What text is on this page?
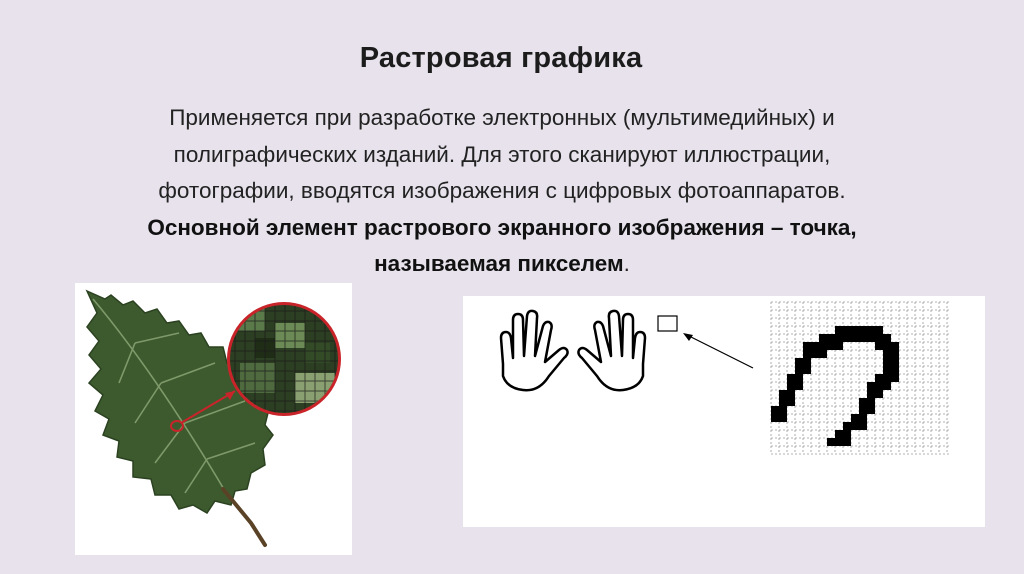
Растровая графика
Применяется при разработке электронных (мультимедийных) и
полиграфических изданий. Для этого сканируют иллюстрации,
фотографии, вводятся изображения с цифровых фотоаппаратов.
Основной элемент растрового экранного изображения – точка,
называемая пикселем.
